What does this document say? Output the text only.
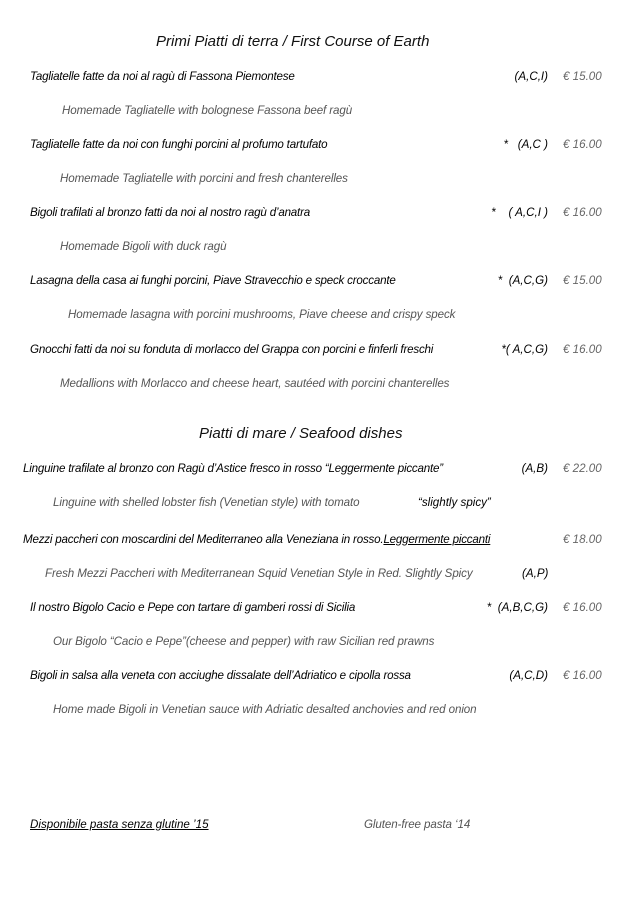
Primi Piatti di terra / First Course of Earth
Tagliatelle fatte da noi al ragù di Fassona Piemontese	(A,C,I) € 15.00
Homemade Tagliatelle with bolognese Fassona beef ragù
Tagliatelle fatte da noi con funghi porcini al profumo tartufato	*   (A,C ) € 16.00
Homemade Tagliatelle with porcini and fresh chanterelles
Bigoli trafilati al bronzo fatti da noi al nostro ragù d’anatra	*    ( A,C,I ) € 16.00
Homemade Bigoli with duck ragù
Lasagna della casa ai funghi porcini, Piave Stravecchio e speck croccante	*  (A,C,G) € 15.00
Homemade lasagna with porcini mushrooms, Piave cheese and crispy speck
Gnocchi fatti da noi su fonduta di morlacco del Grappa con porcini e finferli freschi	*( A,C,G) € 16.00
Medallions with Morlacco and cheese heart, sautéed with porcini chanterelles
Piatti di mare / Seafood dishes
Linguine trafilate al bronzo con Ragù d’Astice fresco in rosso “Leggermente piccante”	(A,B) € 22.00
Linguine with shelled lobster fish (Venetian style) with tomato	“slightly spicy”
Mezzi paccheri con moscardini del Mediterraneo alla Veneziana in rosso.Leggermente piccanti	€ 18.00
Fresh Mezzi Paccheri with Mediterranean Squid Venetian Style in Red. Slightly Spicy	(A,P)
Il nostro Bigolo Cacio e Pepe con tartare di gamberi rossi di Sicilia	*  (A,B,C,G) € 16.00
Our Bigolo “Cacio e Pepe”(cheese and pepper) with raw Sicilian red prawns
Bigoli in salsa alla veneta con acciughe dissalate dell’Adriatico e cipolla rossa	(A,C,D) € 16.00
Home made Bigoli in Venetian sauce with Adriatic desalted anchovies and red onion
Disponibile pasta senza glutine ’15	Gluten-free pasta ‘14
